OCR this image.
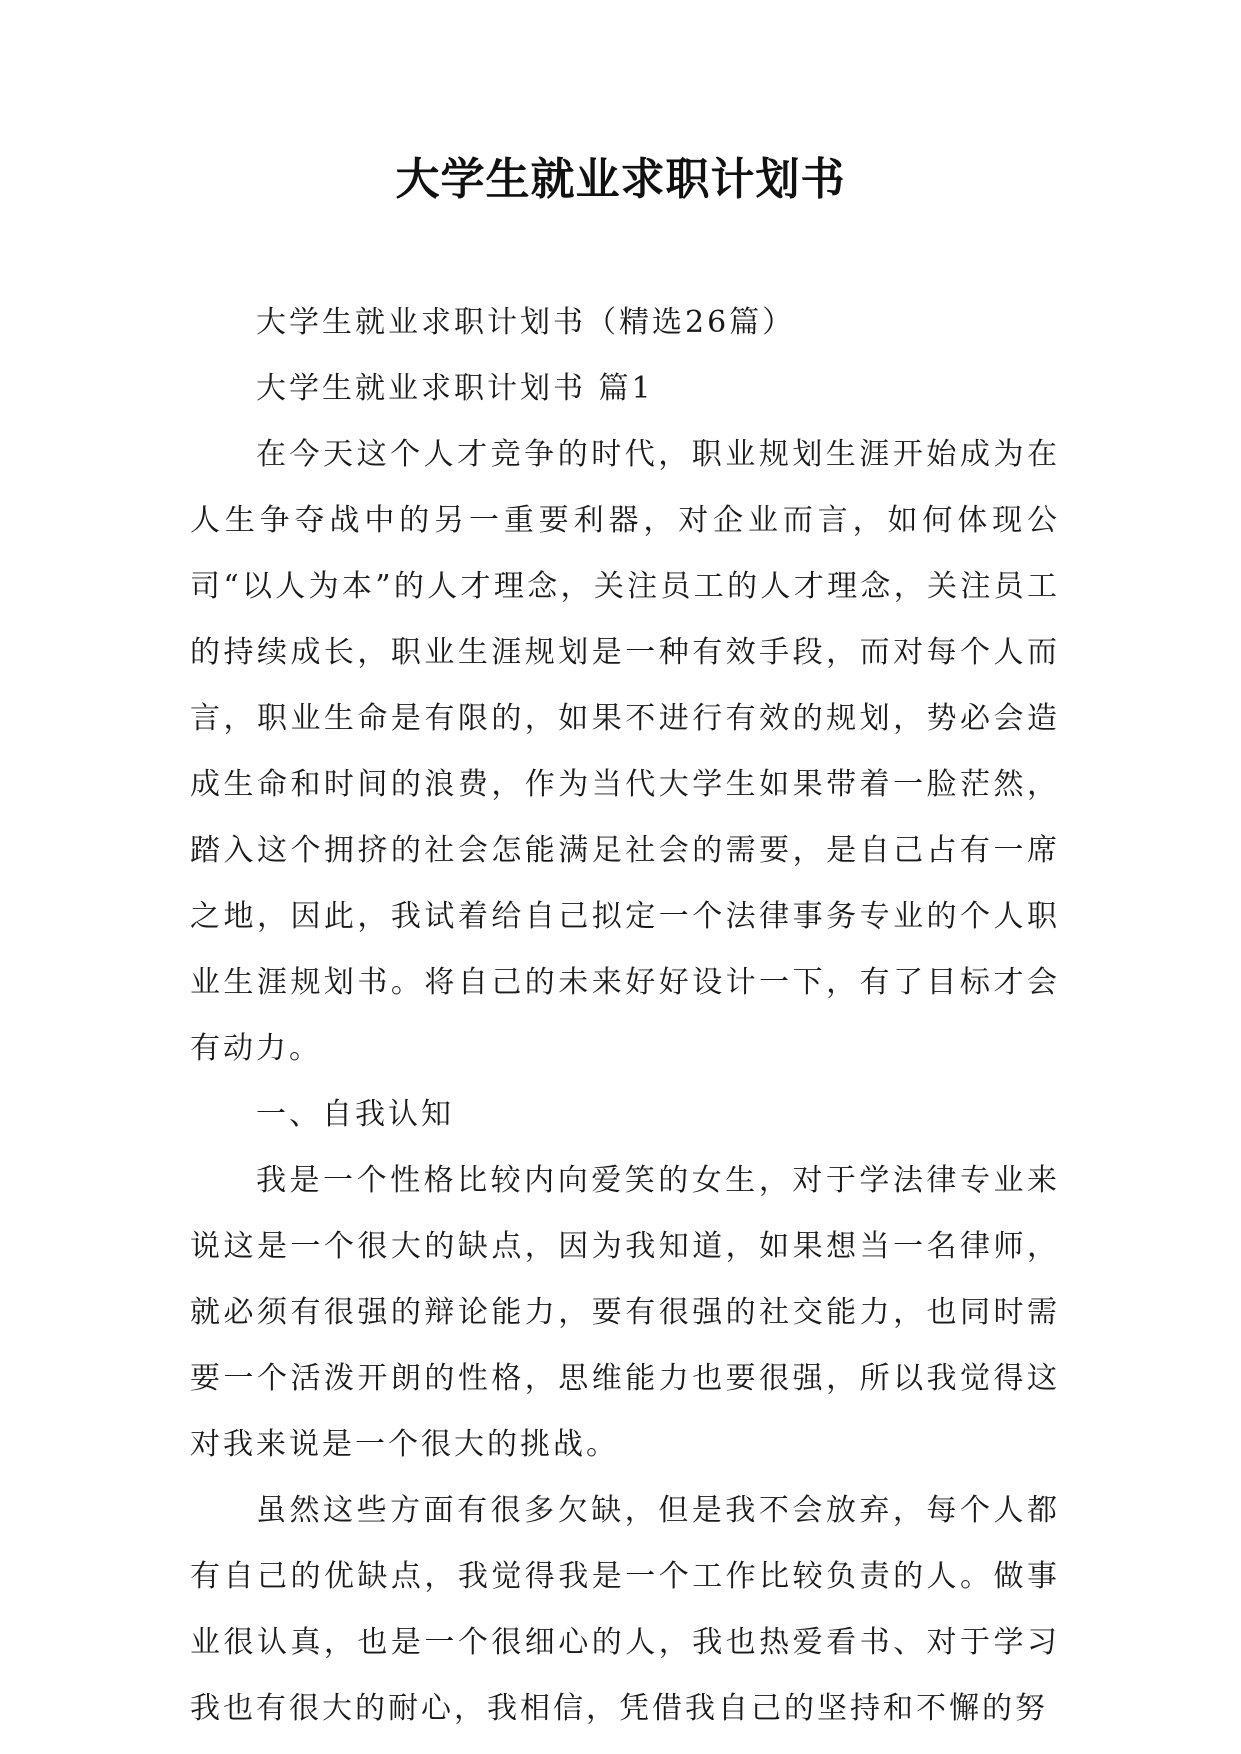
大学生就业求职计划书

大学生就业求职计划书（精选26篇）

大学生就业求职计划书 篇1

在今天这个人才竞争的时代，职业规划生涯开始成为在人生争夺战中的另一重要利器，对企业而言，如何体现公司“以人为本”的人才理念，关注员工的人才理念，关注员工的持续成长，职业生涯规划是一种有效手段，而对每个人而言，职业生命是有限的，如果不进行有效的规划，势必会造成生命和时间的浪费，作为当代大学生如果带着一脸茫然，踏入这个拥挤的社会怎能满足社会的需要，是自己占有一席之地，因此，我试着给自己拟定一个法律事务专业的个人职业生涯规划书。将自己的未来好好设计一下，有了目标才会有动力。

一、自我认知

我是一个性格比较内向爱笑的女生，对于学法律专业来说这是一个很大的缺点，因为我知道，如果想当一名律师，就必须有很强的辩论能力，要有很强的社交能力，也同时需要一个活泼开朗的性格，思维能力也要很强，所以我觉得这对我来说是一个很大的挑战。

虽然这些方面有很多欠缺，但是我不会放弃，每个人都有自己的优缺点，我觉得我是一个工作比较负责的人。做事业很认真，也是一个很细心的人，我也热爱看书、对于学习我也有很大的耐心，我相信，凭借我自己的坚持和不懈的努
